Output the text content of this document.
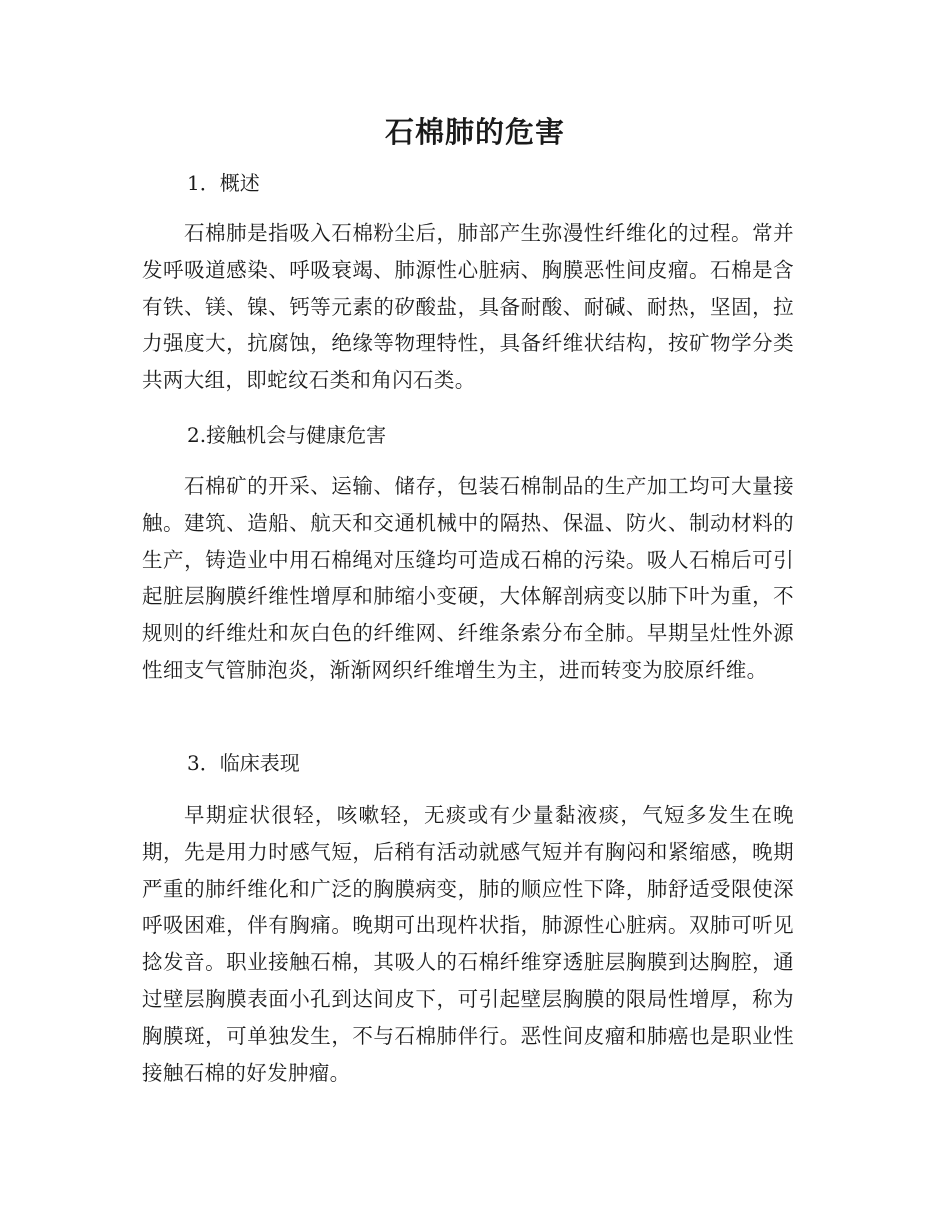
石棉肺的危害

1．概述

石棉肺是指吸入石棉粉尘后，肺部产生弥漫性纤维化的过程。常并发呼吸道感染、呼吸衰竭、肺源性心脏病、胸膜恶性间皮瘤。石棉是含有铁、镁、镍、钙等元素的矽酸盐，具备耐酸、耐碱、耐热，坚固，拉力强度大，抗腐蚀，绝缘等物理特性，具备纤维状结构，按矿物学分类共两大组，即蛇纹石类和角闪石类。

2.接触机会与健康危害

石棉矿的开采、运输、储存，包装石棉制品的生产加工均可大量接触。建筑、造船、航天和交通机械中的隔热、保温、防火、制动材料的生产，铸造业中用石棉绳对压缝均可造成石棉的污染。吸人石棉后可引起脏层胸膜纤维性增厚和肺缩小变硬，大体解剖病变以肺下叶为重，不规则的纤维灶和灰白色的纤维网、纤维条索分布全肺。早期呈灶性外源性细支气管肺泡炎，渐渐网织纤维增生为主，进而转变为胶原纤维。

3．临床表现

早期症状很轻，咳嗽轻，无痰或有少量黏液痰，气短多发生在晚期，先是用力时感气短，后稍有活动就感气短并有胸闷和紧缩感，晚期严重的肺纤维化和广泛的胸膜病变，肺的顺应性下降，肺舒适受限使深呼吸困难，伴有胸痛。晚期可出现杵状指，肺源性心脏病。双肺可听见捻发音。职业接触石棉，其吸人的石棉纤维穿透脏层胸膜到达胸腔，通过壁层胸膜表面小孔到达间皮下，可引起壁层胸膜的限局性增厚，称为胸膜斑，可单独发生，不与石棉肺伴行。恶性间皮瘤和肺癌也是职业性接触石棉的好发肿瘤。
